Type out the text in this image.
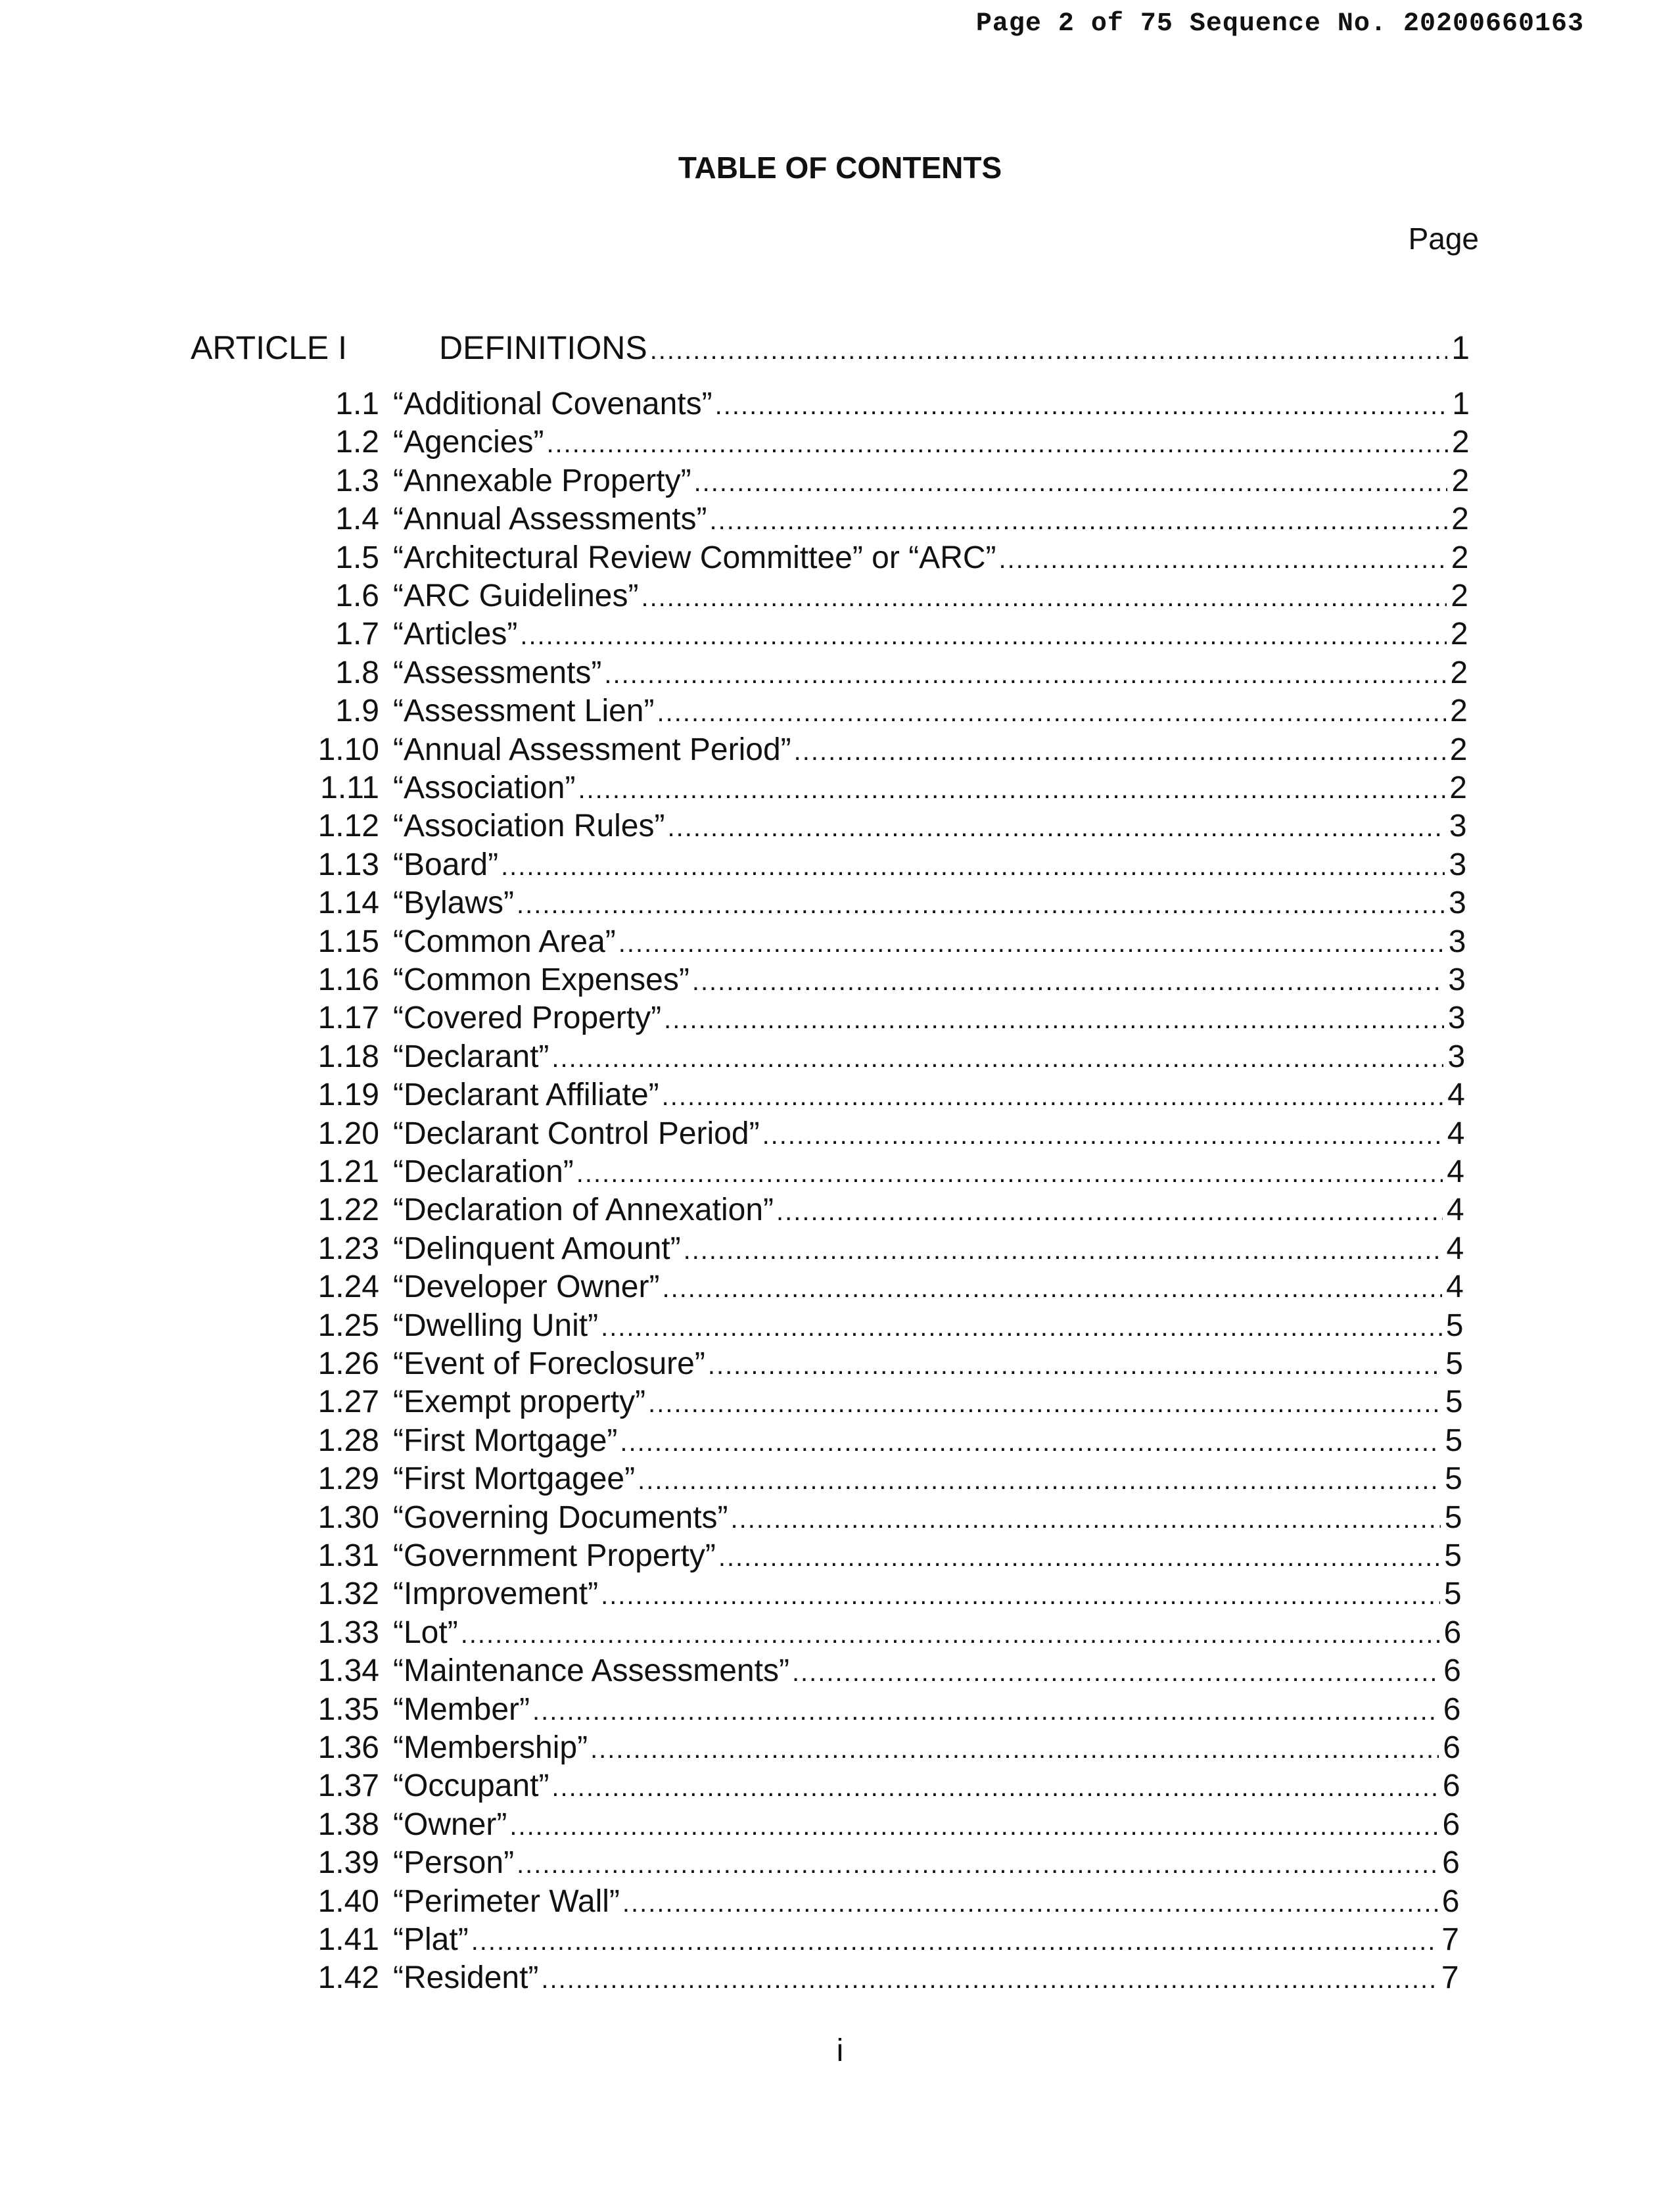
Page 2 of 75 Sequence No. 20200660163
TABLE OF CONTENTS
Page
ARTICLE I	DEFINITIONS .....	1
1.1 “Additional Covenants” .....	1
1.2 “Agencies” .....	2
1.3 “Annexable Property” .....	2
1.4 “Annual Assessments” .....	2
1.5 “Architectural Review Committee” or “ARC” .....	2
1.6 “ARC Guidelines” .....	2
1.7 “Articles” .....	2
1.8 “Assessments” .....	2
1.9 “Assessment Lien” .....	2
1.10 “Annual Assessment Period” .....	2
1.11 “Association” .....	2
1.12 “Association Rules” .....	3
1.13 “Board” .....	3
1.14 “Bylaws” .....	3
1.15 “Common Area” .....	3
1.16 “Common Expenses” .....	3
1.17 “Covered Property” .....	3
1.18 “Declarant” .....	3
1.19 “Declarant Affiliate” .....	4
1.20 “Declarant Control Period” .....	4
1.21 “Declaration” .....	4
1.22 “Declaration of Annexation” .....	4
1.23 “Delinquent Amount” .....	4
1.24 “Developer Owner” .....	4
1.25 “Dwelling Unit” .....	5
1.26 “Event of Foreclosure” .....	5
1.27 “Exempt property” .....	5
1.28 “First Mortgage” .....	5
1.29 “First Mortgagee” .....	5
1.30 “Governing Documents” .....	5
1.31 “Government Property” .....	5
1.32 “Improvement” .....	5
1.33 “Lot” .....	6
1.34 “Maintenance Assessments” .....	6
1.35 “Member” .....	6
1.36 “Membership” .....	6
1.37 “Occupant” .....	6
1.38 “Owner” .....	6
1.39 “Person” .....	6
1.40 “Perimeter Wall” .....	6
1.41 “Plat” .....	7
1.42 “Resident” .....	7
i
